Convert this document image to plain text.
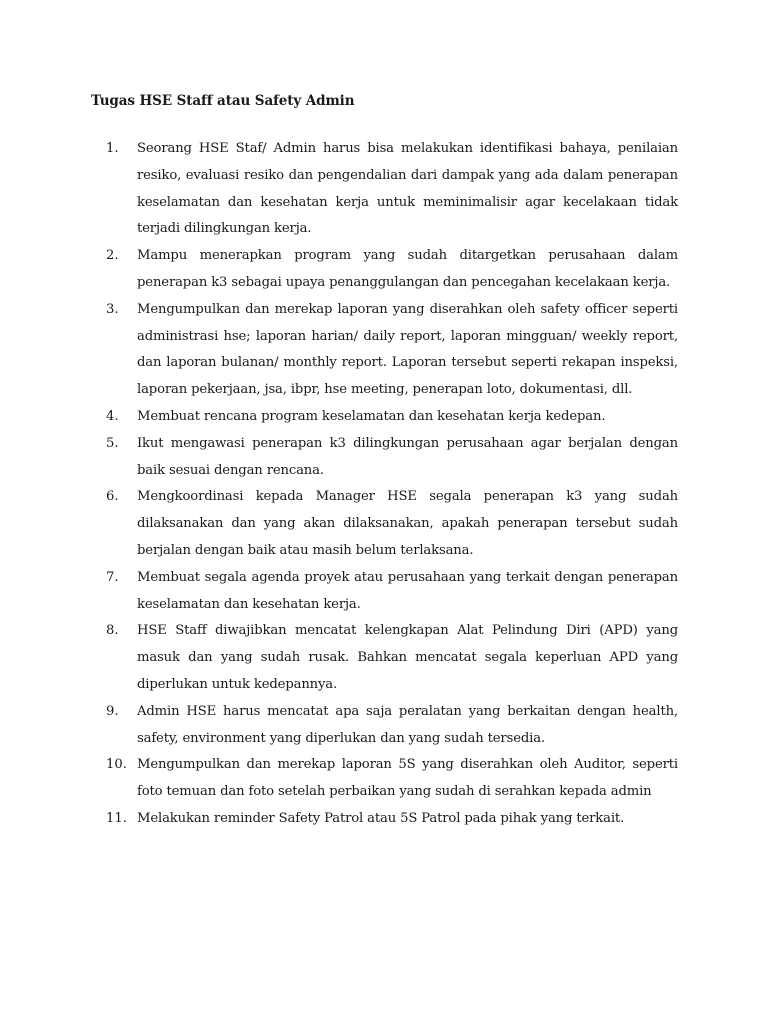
Tugas HSE Staff atau Safety Admin
1.	Seorang HSE Staf/ Admin harus bisa melakukan identifikasi bahaya, penilaian resiko, evaluasi resiko dan pengendalian dari dampak yang ada dalam penerapan keselamatan dan kesehatan kerja untuk meminimalisir agar kecelakaan tidak terjadi dilingkungan kerja.
2.	Mampu menerapkan program yang sudah ditargetkan perusahaan dalam penerapan k3 sebagai upaya penanggulangan dan pencegahan kecelakaan kerja.
3.	Mengumpulkan dan merekap laporan yang diserahkan oleh safety officer seperti administrasi hse; laporan harian/ daily report, laporan mingguan/ weekly report, dan laporan bulanan/ monthly report. Laporan tersebut seperti rekapan inspeksi, laporan pekerjaan, jsa, ibpr, hse meeting, penerapan loto, dokumentasi, dll.
4.	Membuat rencana program keselamatan dan kesehatan kerja kedepan.
5.	Ikut mengawasi penerapan k3 dilingkungan perusahaan agar berjalan dengan baik sesuai dengan rencana.
6.	Mengkoordinasi kepada Manager HSE segala penerapan k3 yang sudah dilaksanakan dan yang akan dilaksanakan, apakah penerapan tersebut sudah berjalan dengan baik atau masih belum terlaksana.
7.	Membuat segala agenda proyek atau perusahaan yang terkait dengan penerapan keselamatan dan kesehatan kerja.
8.	HSE Staff diwajibkan mencatat kelengkapan Alat Pelindung Diri (APD) yang masuk dan yang sudah rusak. Bahkan mencatat segala keperluan APD yang diperlukan untuk kedepannya.
9.	Admin HSE harus mencatat apa saja peralatan yang berkaitan dengan health, safety, environment yang diperlukan dan yang sudah tersedia.
10. Mengumpulkan dan merekap laporan 5S yang diserahkan oleh Auditor, seperti foto temuan dan foto setelah perbaikan yang sudah di serahkan kepada admin
11. Melakukan reminder Safety Patrol atau 5S Patrol pada pihak yang terkait.
